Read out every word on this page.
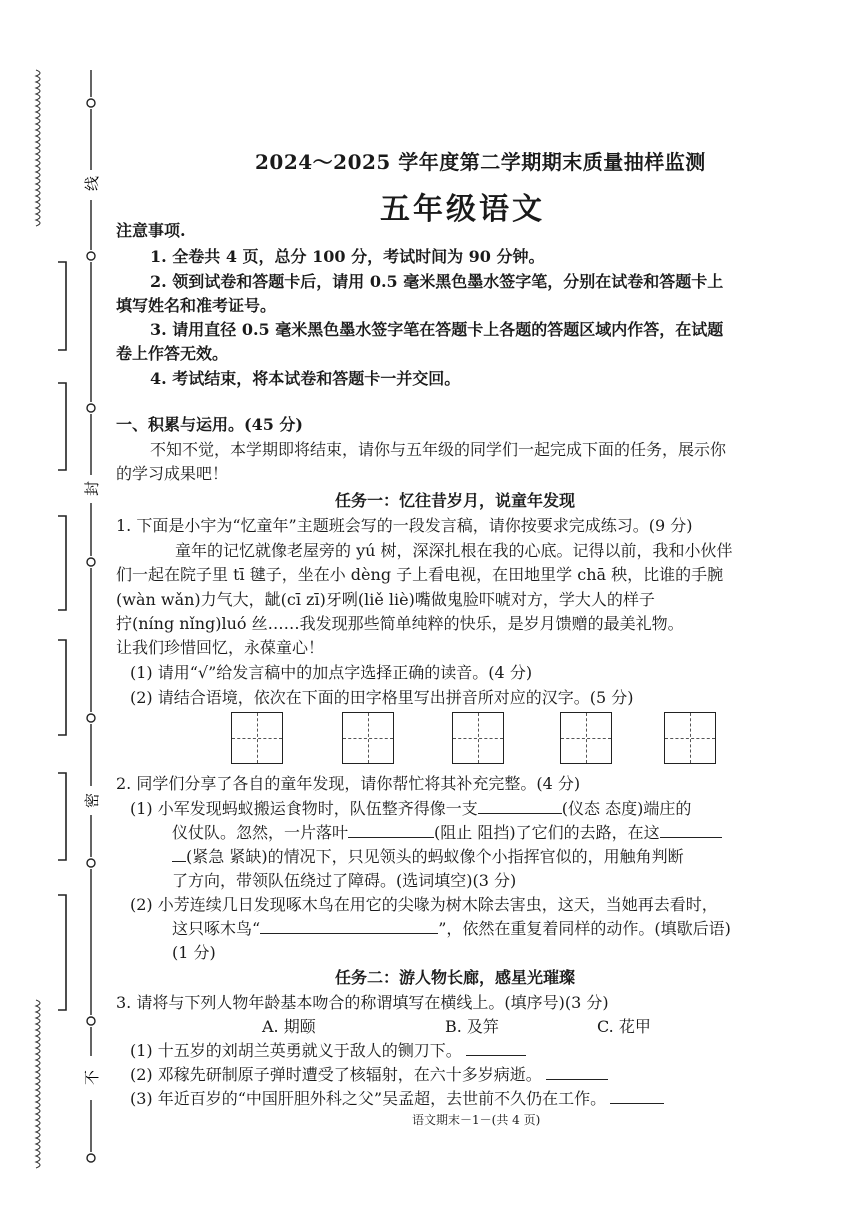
线
封
密
不
2024～2025 学年度第二学期期末质量抽样监测
五年级语文
注意事项.
1. 全卷共 4 页，总分 100 分，考试时间为 90 分钟。
2. 领到试卷和答题卡后，请用 0.5 毫米黑色墨水签字笔，分别在试卷和答题卡上
填写姓名和准考证号。
3. 请用直径 0.5 毫米黑色墨水签字笔在答题卡上各题的答题区域内作答，在试题
卷上作答无效。
4. 考试结束，将本试卷和答题卡一并交回。
一、积累与运用。(45 分)
不知不觉，本学期即将结束，请你与五年级的同学们一起完成下面的任务，展示你
的学习成果吧！
任务一：忆往昔岁月，说童年发现
1. 下面是小宇为“忆童年”主题班会写的一段发言稿，请你按要求完成练习。(9 分)
童年的记忆就像老屋旁的 yú 树，深深扎根在我的心底。记得以前，我和小伙伴
们一起在院子里 tī 毽子，坐在小 dèng 子上看电视，在田地里学 chā 秧，比谁的手腕
(wàn wǎn)力气大，龇(cī zī)牙咧(liě liè)嘴做鬼脸吓唬对方，学大人的样子
拧(níng nǐng)luó 丝……我发现那些简单纯粹的快乐，是岁月馈赠的最美礼物。
让我们珍惜回忆，永葆童心！
(1) 请用“√”给发言稿中的加点字选择正确的读音。(4 分)
(2) 请结合语境，依次在下面的田字格里写出拼音所对应的汉字。(5 分)
2. 同学们分享了各自的童年发现，请你帮忙将其补充完整。(4 分)
(1) 小军发现蚂蚁搬运食物时，队伍整齐得像一支	(仪态 态度)端庄的
仪仗队。忽然，一片落叶	(阻止 阻挡)了它们的去路，在这
(紧急 紧缺)的情况下，只见领头的蚂蚁像个小指挥官似的，用触角判断
了方向，带领队伍绕过了障碍。(选词填空)(3 分)
(2) 小芳连续几日发现啄木鸟在用它的尖喙为树木除去害虫，这天，当她再去看时，
这只啄木鸟“	”，依然在重复着同样的动作。(填歇后语)
(1 分)
任务二：游人物长廊，感星光璀璨
3. 请将与下列人物年龄基本吻合的称谓填写在横线上。(填序号)(3 分)
A. 期颐	B. 及笄	C. 花甲
(1) 十五岁的刘胡兰英勇就义于敌人的铡刀下。
(2) 邓稼先研制原子弹时遭受了核辐射，在六十多岁病逝。
(3) 年近百岁的“中国肝胆外科之父”吴孟超，去世前不久仍在工作。
语文期末－1－(共 4 页)
